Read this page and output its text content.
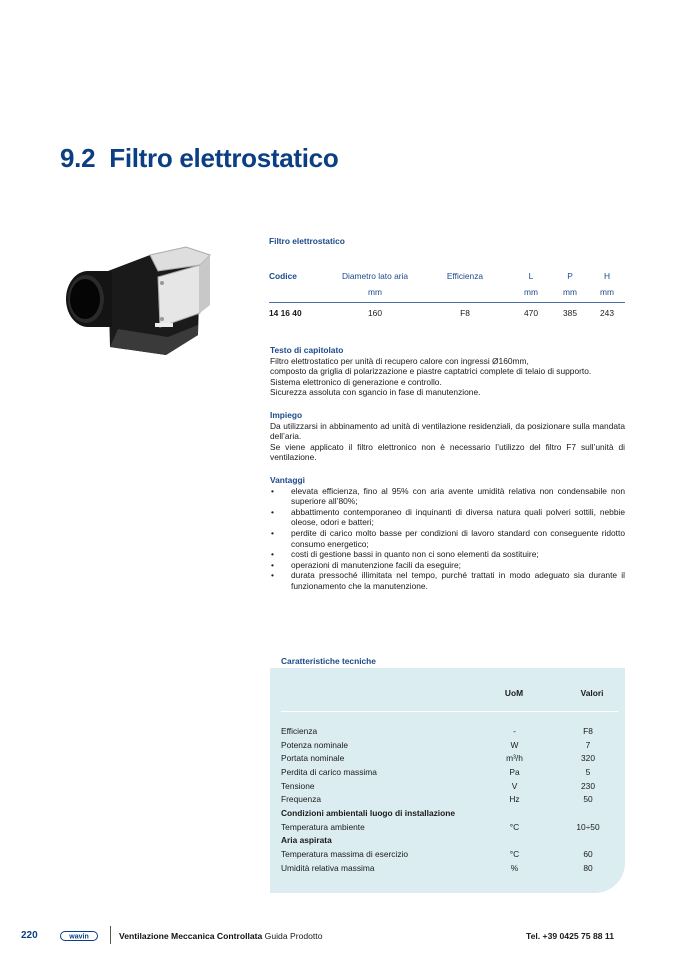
9.2 Filtro elettrostatico
Filtro elettrostatico
Codice	Diametro lato aria	Efficienza	L	P	H
	mm		mm	mm	mm
14 16 40	160	F8	470	385	243
Testo di capitolato

Filtro elettrostatico per unità di recupero calore con ingressi Ø160mm,

composto da griglia di polarizzazione e piastre captatrici complete di telaio di supporto.

Sistema elettronico di generazione e controllo.

Sicurezza assoluta con sgancio in fase di manutenzione.

Impiego

Da utilizzarsi in abbinamento ad unità di ventilazione residenziali, da posizionare sulla mandata dell’aria.

Se viene applicato il filtro elettronico non è necessario l’utilizzo del filtro F7 sull’unità di ventilazione.

Vantaggi
• elevata efficienza, fino al 95% con aria avente umidità relativa non condensabile non superiore all’80%;
• abbattimento contemporaneo di inquinanti di diversa natura quali polveri sottili, nebbie oleose, odori e batteri;
• perdite di carico molto basse per condizioni di lavoro standard con conseguente ridotto consumo energetico;
• costi di gestione bassi in quanto non ci sono elementi da sostituire;
• operazioni di manutenzione facili da eseguire;
• durata pressoché illimitata nel tempo, purché trattati in modo adeguato sia durante il funzionamento che la manutenzione.
Caratteristiche tecniche
UoM	Valori
Efficienza	-	F8
Potenza nominale	W	7
Portata nominale	m³/h	320
Perdita di carico massima	Pa	5
Tensione	V	230
Frequenza	Hz	50
Condizioni ambientali luogo di installazione		
Temperatura ambiente	°C	10÷50
Aria aspirata		
Temperatura massima di esercizio	°C	60
Umidità relativa massima	%	80
220	wavin	Ventilazione Meccanica Controllata Guida Prodotto	Tel. +39 0425 75 88 11
